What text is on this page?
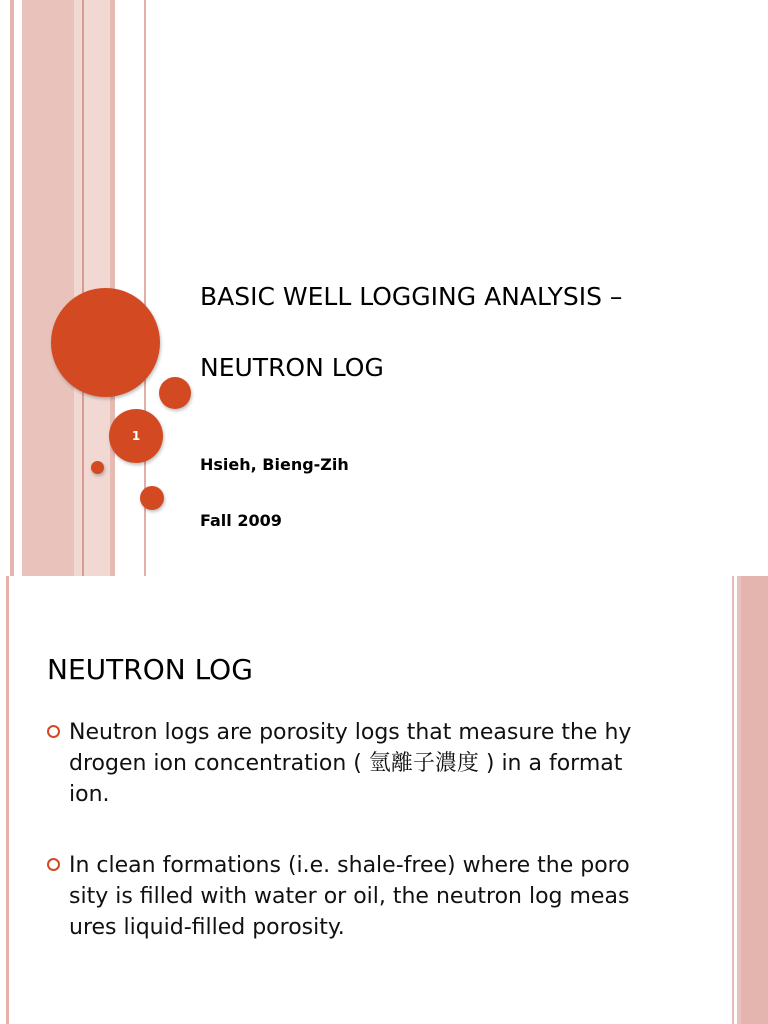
1
BASIC WELL LOGGING ANALYSIS –
NEUTRON LOG
Hsieh, Bieng-Zih
Fall 2009
NEUTRON LOG
Neutron logs are porosity logs that measure the hy
drogen ion concentration ( 氫離子濃度 ) in a format
ion.
In clean formations (i.e. shale-free) where the poro
sity is filled with water or oil, the neutron log meas
ures liquid-filled porosity.
